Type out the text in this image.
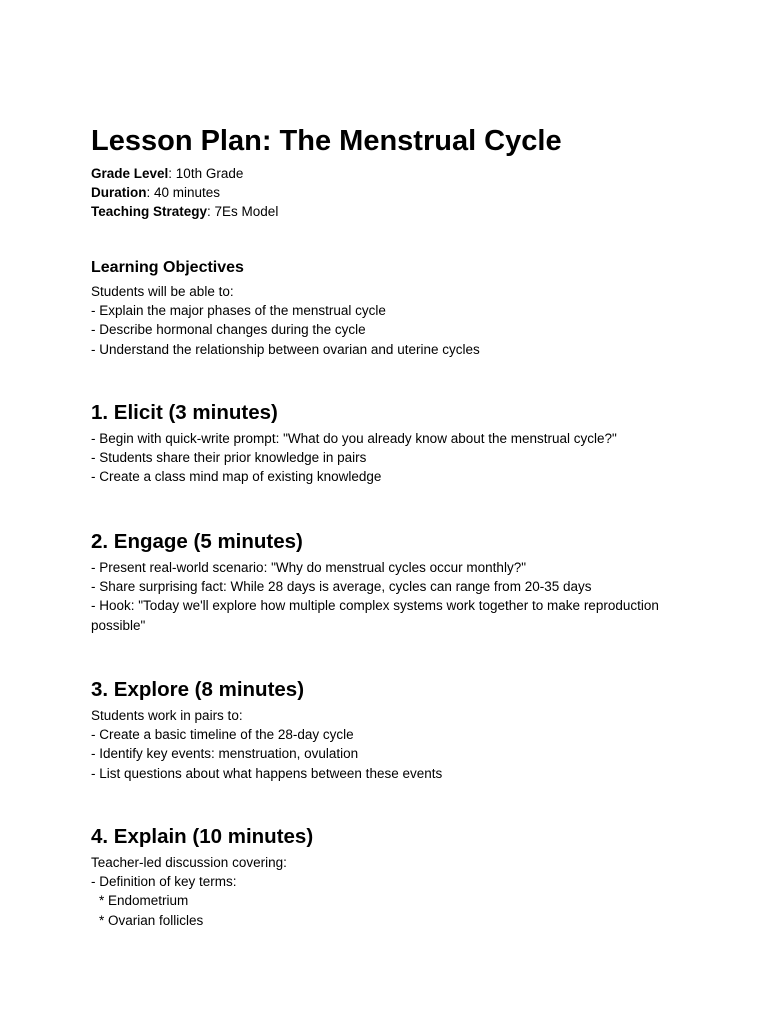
Lesson Plan: The Menstrual Cycle
Grade Level: 10th Grade
Duration: 40 minutes
Teaching Strategy: 7Es Model
Learning Objectives
Students will be able to:
- Explain the major phases of the menstrual cycle
- Describe hormonal changes during the cycle
- Understand the relationship between ovarian and uterine cycles
1. Elicit (3 minutes)
- Begin with quick-write prompt: "What do you already know about the menstrual cycle?"
- Students share their prior knowledge in pairs
- Create a class mind map of existing knowledge
2. Engage (5 minutes)
- Present real-world scenario: "Why do menstrual cycles occur monthly?"
- Share surprising fact: While 28 days is average, cycles can range from 20-35 days
- Hook: "Today we'll explore how multiple complex systems work together to make reproduction possible"
3. Explore (8 minutes)
Students work in pairs to:
- Create a basic timeline of the 28-day cycle
- Identify key events: menstruation, ovulation
- List questions about what happens between these events
4. Explain (10 minutes)
Teacher-led discussion covering:
- Definition of key terms:
* Endometrium
* Ovarian follicles
